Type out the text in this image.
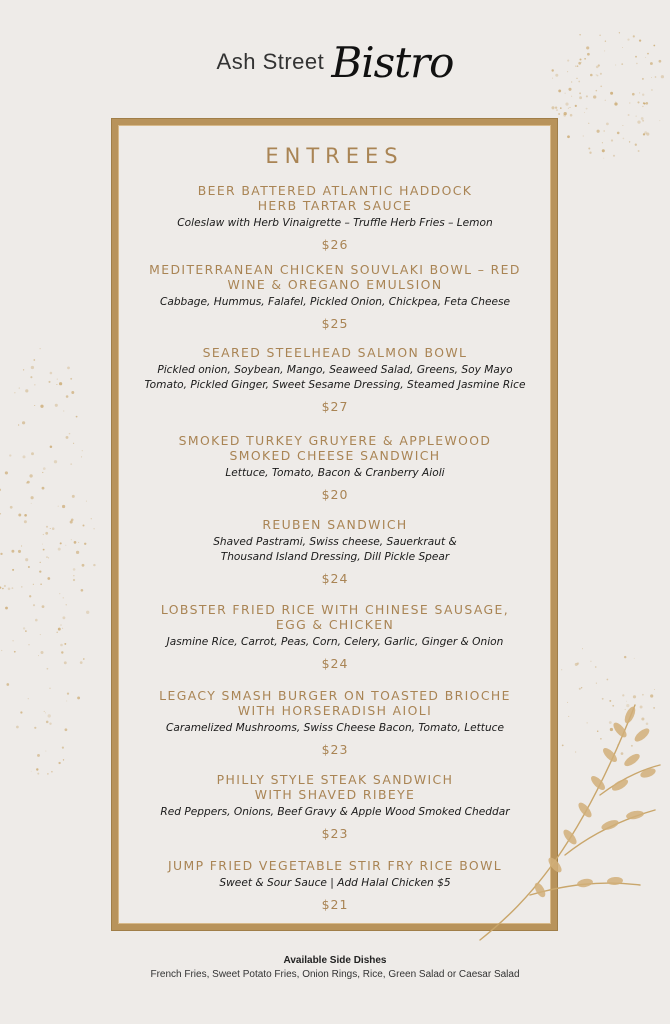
Ash Street Bistro
ENTREES
BEER BATTERED ATLANTIC HADDOCK
HERB TARTAR SAUCE
Coleslaw with Herb Vinaigrette – Truffle Herb Fries – Lemon
$26
MEDITERRANEAN CHICKEN SOUVLAKI BOWL – RED
WINE & OREGANO EMULSION
Cabbage, Hummus, Falafel, Pickled Onion, Chickpea, Feta Cheese
$25
SEARED STEELHEAD SALMON BOWL
Pickled onion, Soybean, Mango, Seaweed Salad, Greens, Soy Mayo
Tomato, Pickled Ginger, Sweet Sesame Dressing, Steamed Jasmine Rice
$27
SMOKED TURKEY GRUYERE & APPLEWOOD
SMOKED CHEESE SANDWICH
Lettuce, Tomato, Bacon & Cranberry Aioli
$20
REUBEN SANDWICH
Shaved Pastrami, Swiss cheese, Sauerkraut &
Thousand Island Dressing, Dill Pickle Spear
$24
LOBSTER FRIED RICE WITH CHINESE SAUSAGE,
EGG & CHICKEN
Jasmine Rice, Carrot, Peas, Corn, Celery, Garlic, Ginger & Onion
$24
LEGACY SMASH BURGER ON TOASTED BRIOCHE
WITH HORSERADISH AIOLI
Caramelized Mushrooms, Swiss Cheese Bacon, Tomato, Lettuce
$23
PHILLY STYLE STEAK SANDWICH
WITH SHAVED RIBEYE
Red Peppers, Onions, Beef Gravy & Apple Wood Smoked Cheddar
$23
JUMP FRIED VEGETABLE STIR FRY RICE BOWL
Sweet & Sour Sauce | Add Halal Chicken $5
$21
Available Side Dishes
French Fries, Sweet Potato Fries, Onion Rings, Rice, Green Salad or Caesar Salad
